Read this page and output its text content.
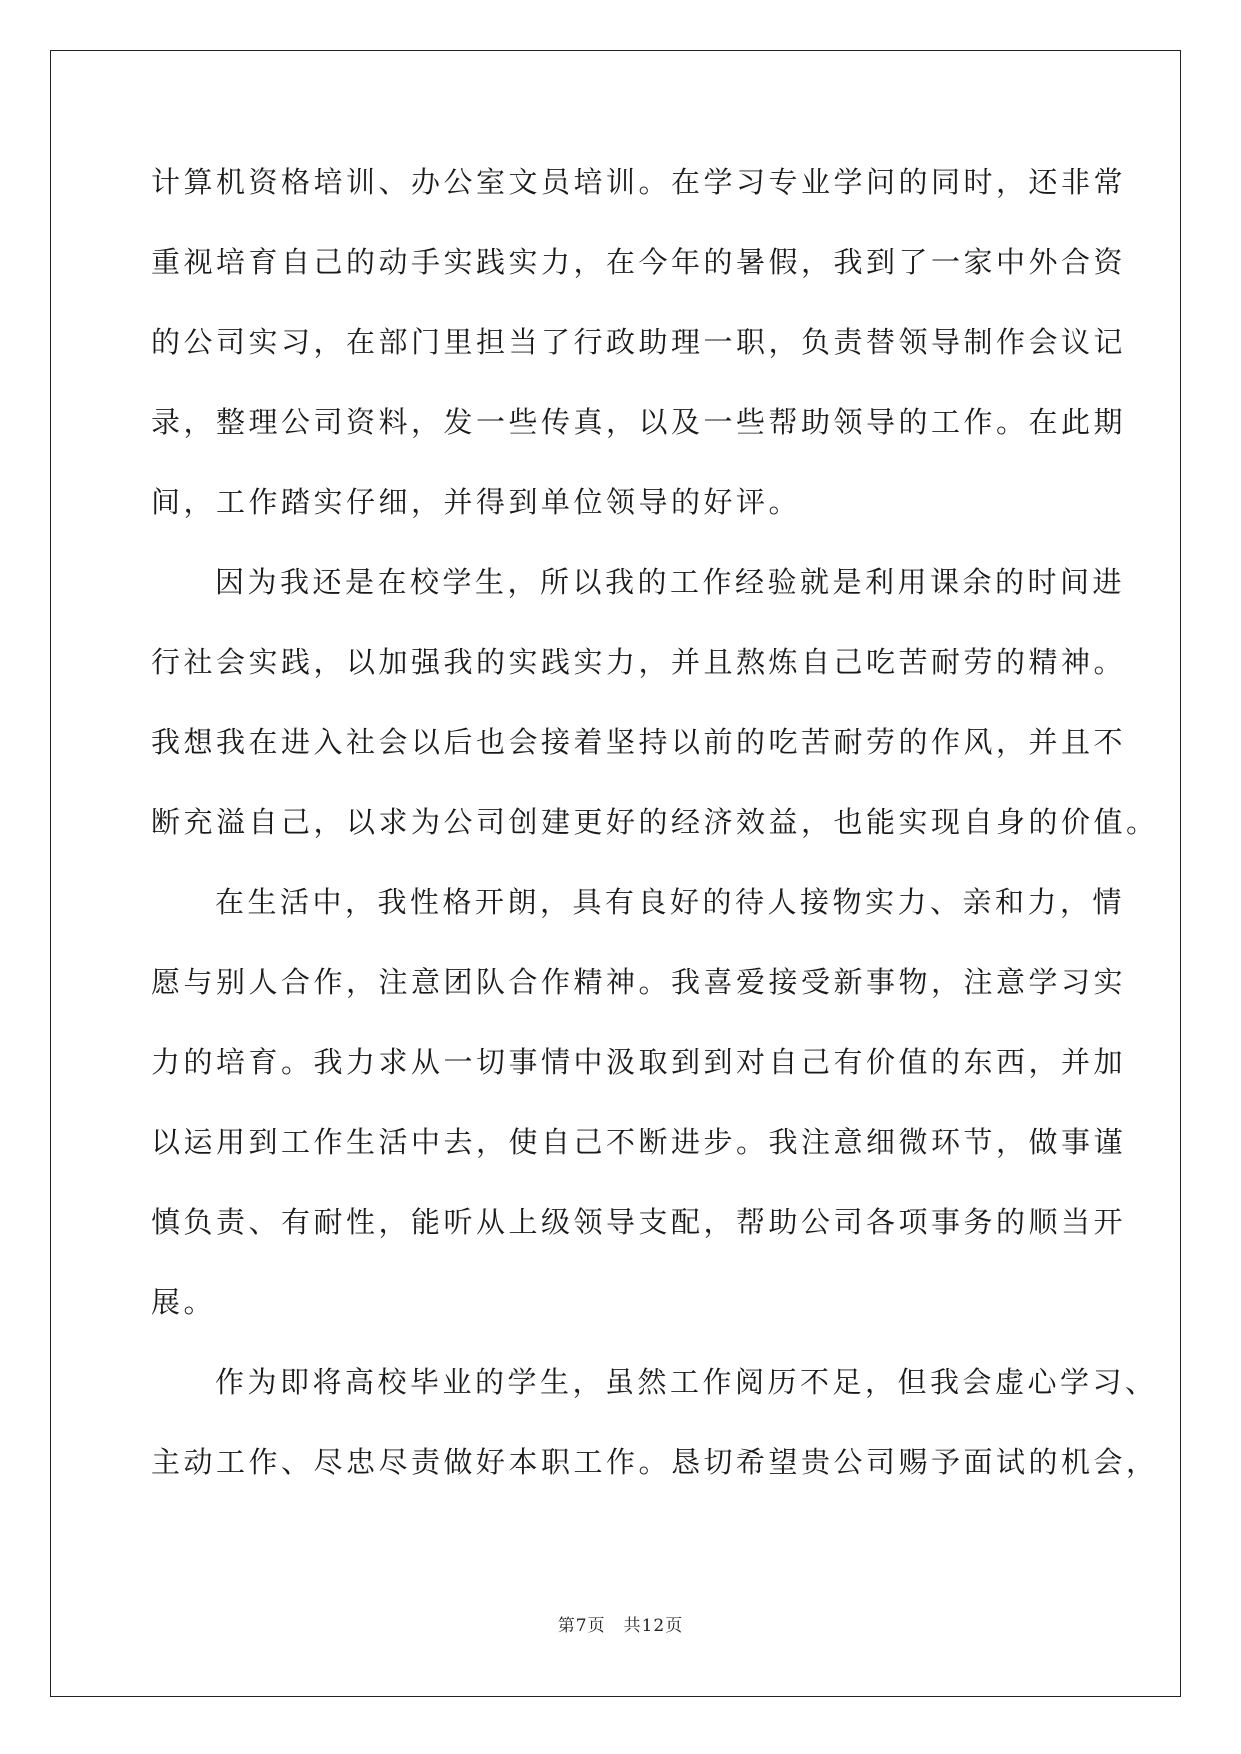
计算机资格培训、办公室文员培训。在学习专业学问的同时，还非常
重视培育自己的动手实践实力，在今年的暑假，我到了一家中外合资
的公司实习，在部门里担当了行政助理一职，负责替领导制作会议记
录，整理公司资料，发一些传真，以及一些帮助领导的工作。在此期
间，工作踏实仔细，并得到单位领导的好评。
因为我还是在校学生，所以我的工作经验就是利用课余的时间进
行社会实践，以加强我的实践实力，并且熬炼自己吃苦耐劳的精神。
我想我在进入社会以后也会接着坚持以前的吃苦耐劳的作风，并且不
断充溢自己，以求为公司创建更好的经济效益，也能实现自身的价值。
在生活中，我性格开朗，具有良好的待人接物实力、亲和力，情
愿与别人合作，注意团队合作精神。我喜爱接受新事物，注意学习实
力的培育。我力求从一切事情中汲取到到对自己有价值的东西，并加
以运用到工作生活中去，使自己不断进步。我注意细微环节，做事谨
慎负责、有耐性，能听从上级领导支配，帮助公司各项事务的顺当开
展。
作为即将高校毕业的学生，虽然工作阅历不足，但我会虚心学习、
主动工作、尽忠尽责做好本职工作。恳切希望贵公司赐予面试的机会，
第7页 共12页
